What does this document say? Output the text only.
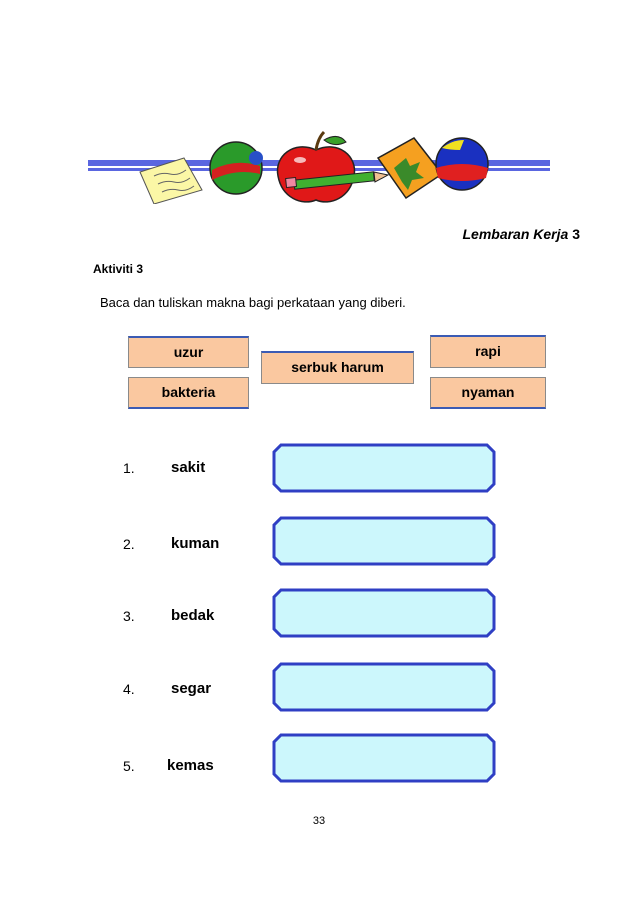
Lembaran Kerja 3
Aktiviti 3
Baca dan tuliskan makna bagi perkataan yang diberi.
uzur
bakteria
serbuk harum
rapi
nyaman
1. sakit
2. kuman
3. bedak
4. segar
5. kemas
33
